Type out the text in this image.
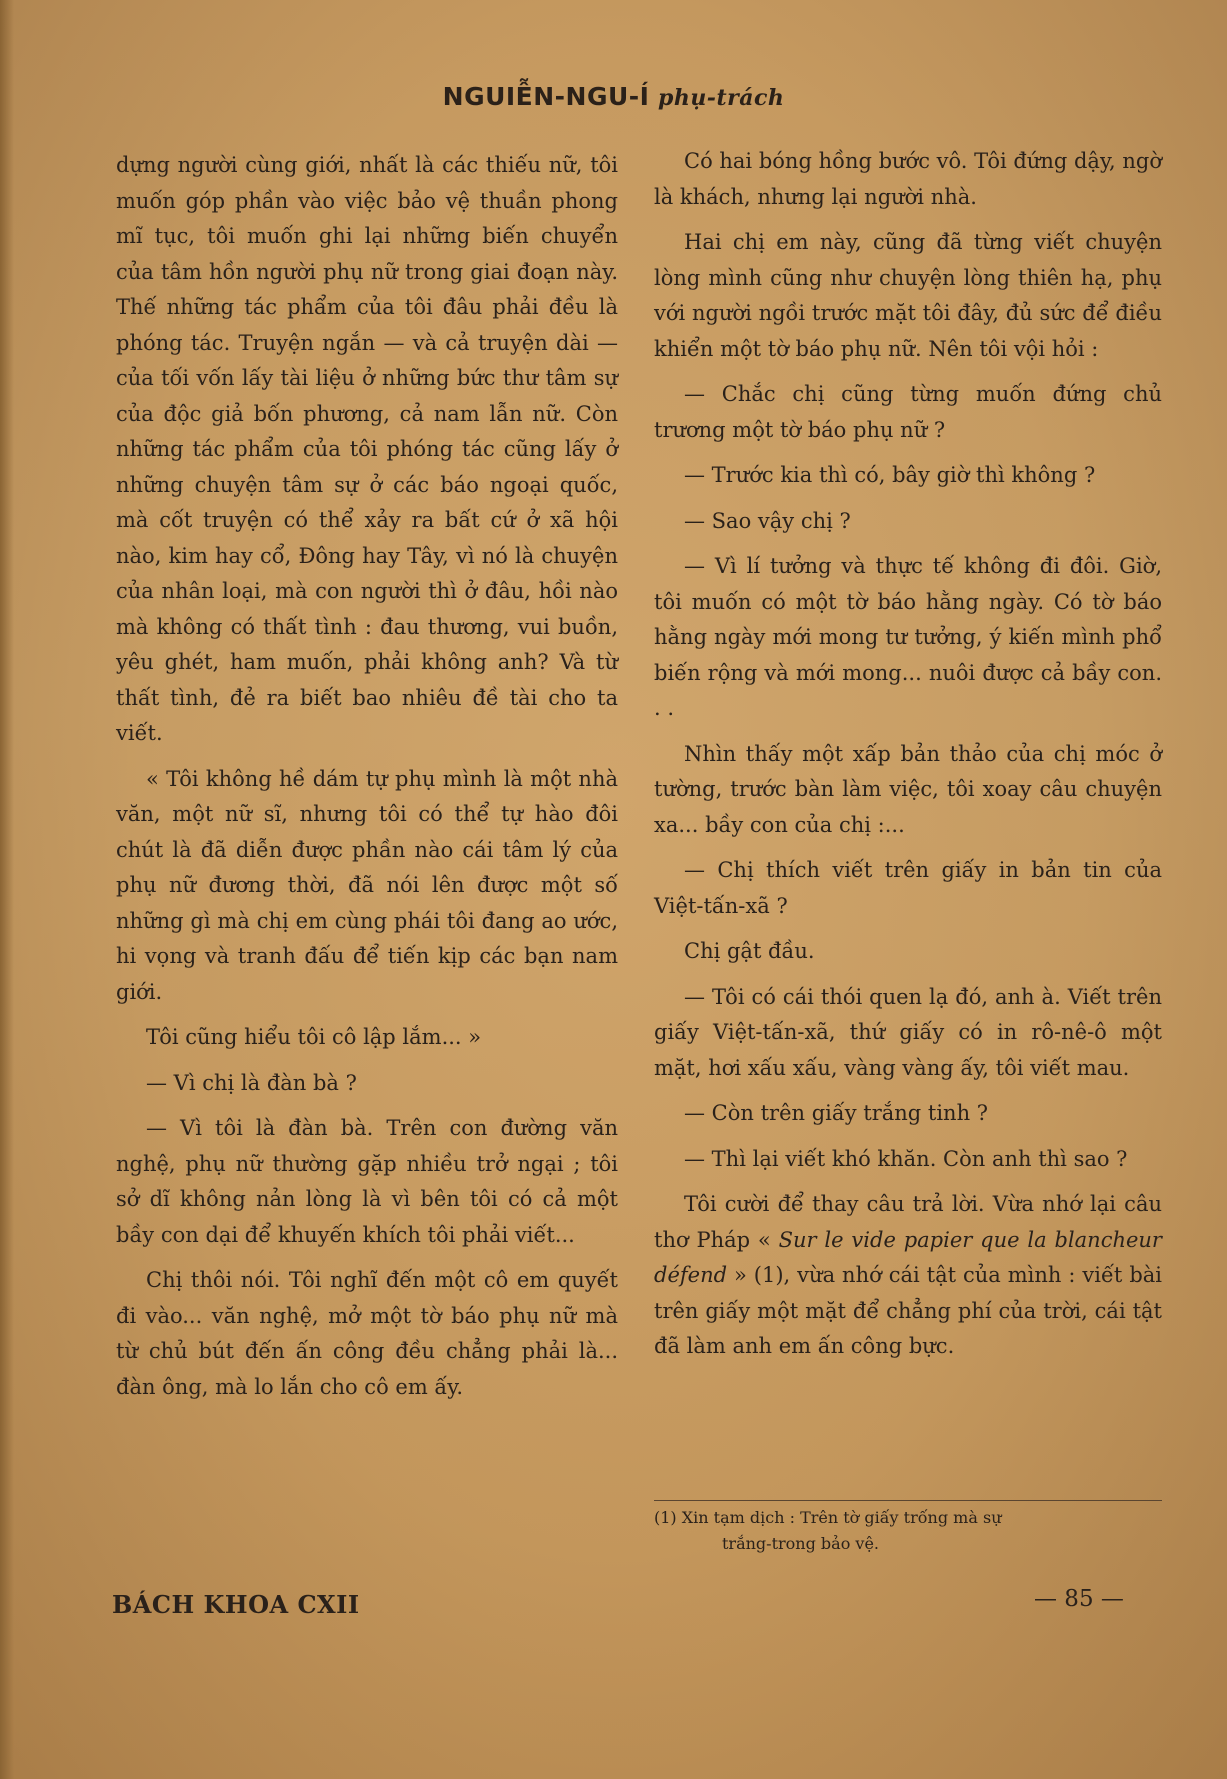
NGUIỄN-NGU-Í phụ-trách

dựng người cùng giới, nhất là các thiếu nữ, tôi muốn góp phần vào việc bảo vệ thuần phong mĩ tục, tôi muốn ghi lại những biến chuyển của tâm hồn người phụ nữ trong giai đoạn này. Thế những tác phẩm của tôi đâu phải đều là phóng tác. Truyện ngắn — và cả truyện dài — của tối vốn lấy tài liệu ở những bức thư tâm sự của độc giả bốn phương, cả nam lẫn nữ. Còn những tác phẩm của tôi phóng tác cũng lấy ở những chuyện tâm sự ở các báo ngoại quốc, mà cốt truyện có thể xảy ra bất cứ ở xã hội nào, kim hay cổ, Đông hay Tây, vì nó là chuyện của nhân loại, mà con người thì ở đâu, hồi nào mà không có thất tình : đau thương, vui buồn, yêu ghét, ham muốn, phải không anh? Và từ thất tình, đẻ ra biết bao nhiêu đề tài cho ta viết.

« Tôi không hề dám tự phụ mình là một nhà văn, một nữ sĩ, nhưng tôi có thể tự hào đôi chút là đã diễn được phần nào cái tâm lý của phụ nữ đương thời, đã nói lên được một số những gì mà chị em cùng phái tôi đang ao ước, hi vọng và tranh đấu để tiến kịp các bạn nam giới.

Tôi cũng hiểu tôi cô lập lắm... »

— Vì chị là đàn bà ?

— Vì tôi là đàn bà. Trên con đường văn nghệ, phụ nữ thường gặp nhiều trở ngại ; tôi sở dĩ không nản lòng là vì bên tôi có cả một bầy con dại để khuyến khích tôi phải viết...

Chị thôi nói. Tôi nghĩ đến một cô em quyết đi vào... văn nghệ, mở một tờ báo phụ nữ mà từ chủ bút đến ấn công đều chẳng phải là... đàn ông, mà lo lắn cho cô em ấy.

Có hai bóng hồng bước vô. Tôi đứng dậy, ngờ là khách, nhưng lại người nhà.

Hai chị em này, cũng đã từng viết chuyện lòng mình cũng như chuyện lòng thiên hạ, phụ với người ngồi trước mặt tôi đây, đủ sức để điều khiển một tờ báo phụ nữ. Nên tôi vội hỏi :

— Chắc chị cũng từng muốn đứng chủ trương một tờ báo phụ nữ ?

— Trước kia thì có, bây giờ thì không ?

— Sao vậy chị ?

— Vì lí tưởng và thực tế không đi đôi. Giờ, tôi muốn có một tờ báo hằng ngày. Có tờ báo hằng ngày mới mong tư tưởng, ý kiến mình phổ biến rộng và mới mong... nuôi được cả bầy con. . .

Nhìn thấy một xấp bản thảo của chị móc ở tường, trước bàn làm việc, tôi xoay câu chuyện xa... bầy con của chị :...

— Chị thích viết trên giấy in bản tin của Việt-tấn-xã ?

Chị gật đầu.

— Tôi có cái thói quen lạ đó, anh à. Viết trên giấy Việt-tấn-xã, thứ giấy có in rô-nê-ô một mặt, hơi xấu xấu, vàng vàng ấy, tôi viết mau.

— Còn trên giấy trắng tinh ?

— Thì lại viết khó khăn. Còn anh thì sao ?

Tôi cười để thay câu trả lời. Vừa nhớ lại câu thơ Pháp « Sur le vide papier que la blancheur défend » (1), vừa nhớ cái tật của mình : viết bài trên giấy một mặt để chẳng phí của trời, cái tật đã làm anh em ấn công bực.

(1) Xin tạm dịch : Trên tờ giấy trống mà sự
trắng-trong bảo vệ.
BÁCH KHOA CXII	— 85 —
